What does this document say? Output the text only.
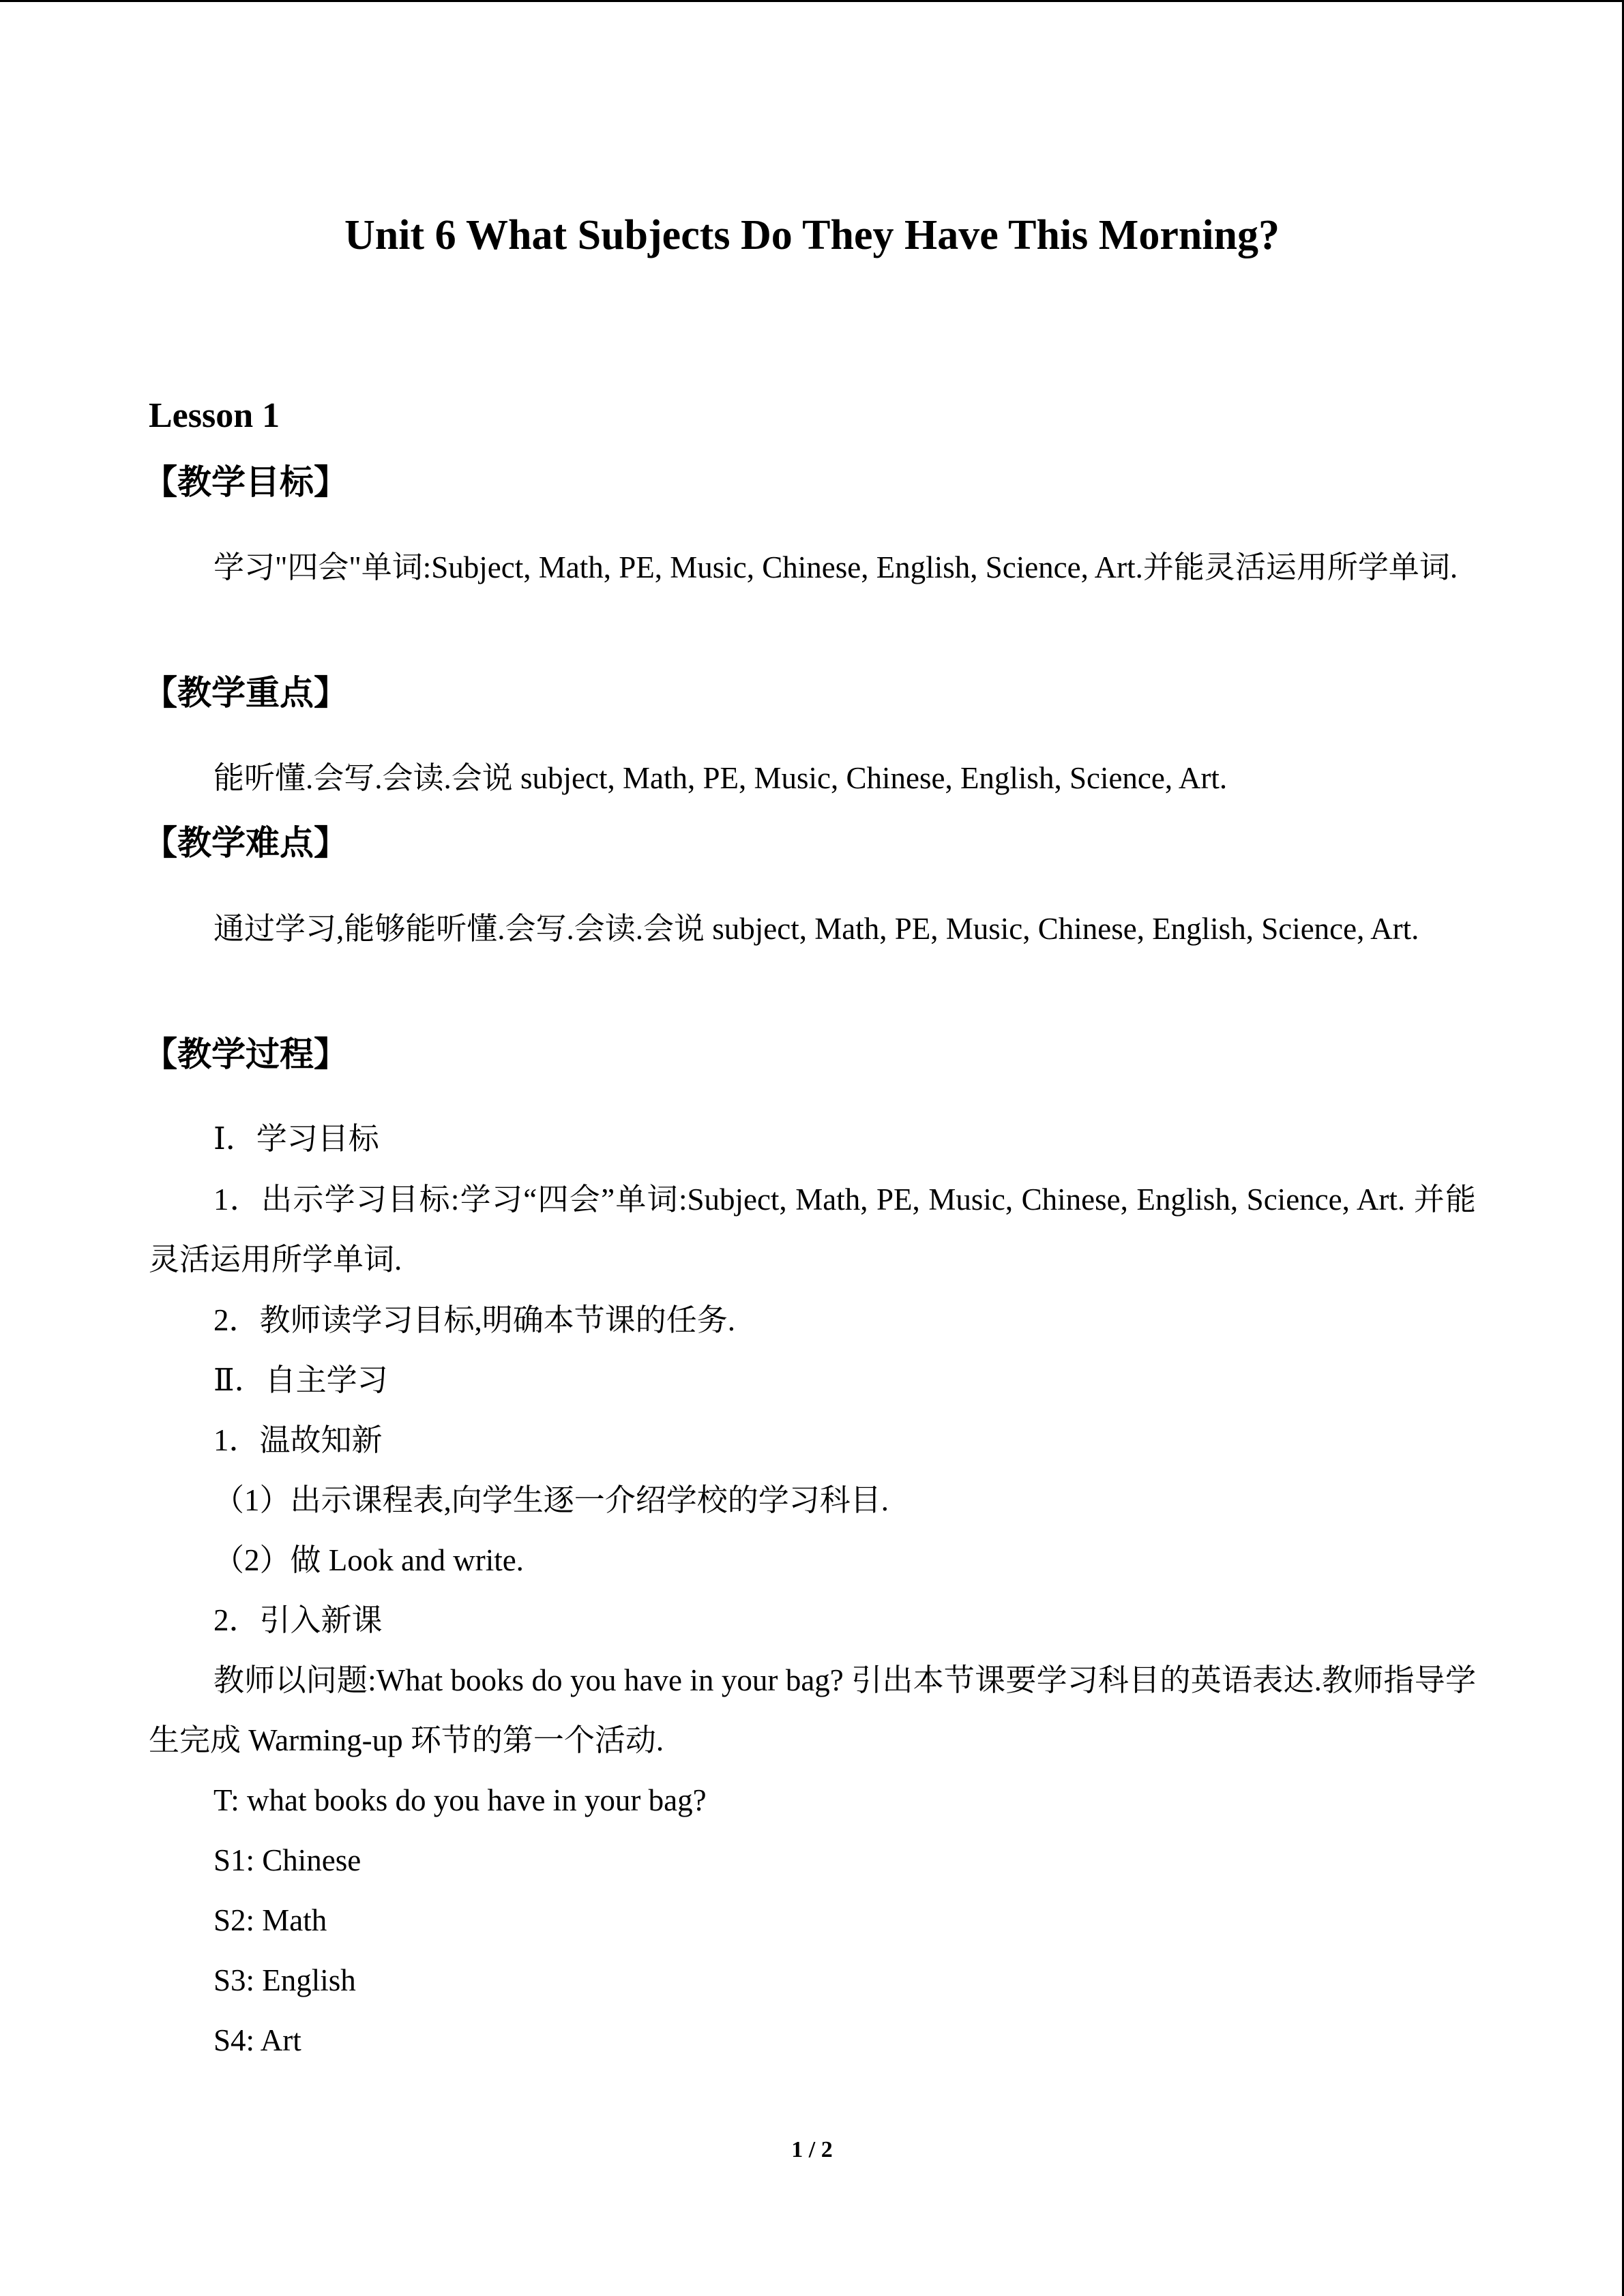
Unit 6 What Subjects Do They Have This Morning?
Lesson 1
【教学目标】
学习"四会"单词:Subject, Math, PE, Music, Chinese, English, Science, Art.并能灵活运用所学单词.
【教学重点】
能听懂.会写.会读.会说 subject, Math, PE, Music, Chinese, English, Science, Art.
【教学难点】
通过学习,能够能听懂.会写.会读.会说 subject, Math, PE, Music, Chinese, English, Science, Art.
【教学过程】
Ⅰ．学习目标
1．出示学习目标:学习“四会”单词:Subject, Math, PE, Music, Chinese, English, Science, Art. 并能灵活运用所学单词.
2．教师读学习目标,明确本节课的任务.
Ⅱ．自主学习
1．温故知新
（1）出示课程表,向学生逐一介绍学校的学习科目.
（2）做 Look and write.
2．引入新课
教师以问题:What books do you have in your bag? 引出本节课要学习科目的英语表达.教师指导学生完成 Warming-up 环节的第一个活动.
T: what books do you have in your bag?
S1: Chinese
S2: Math
S3: English
S4: Art
1 / 2
